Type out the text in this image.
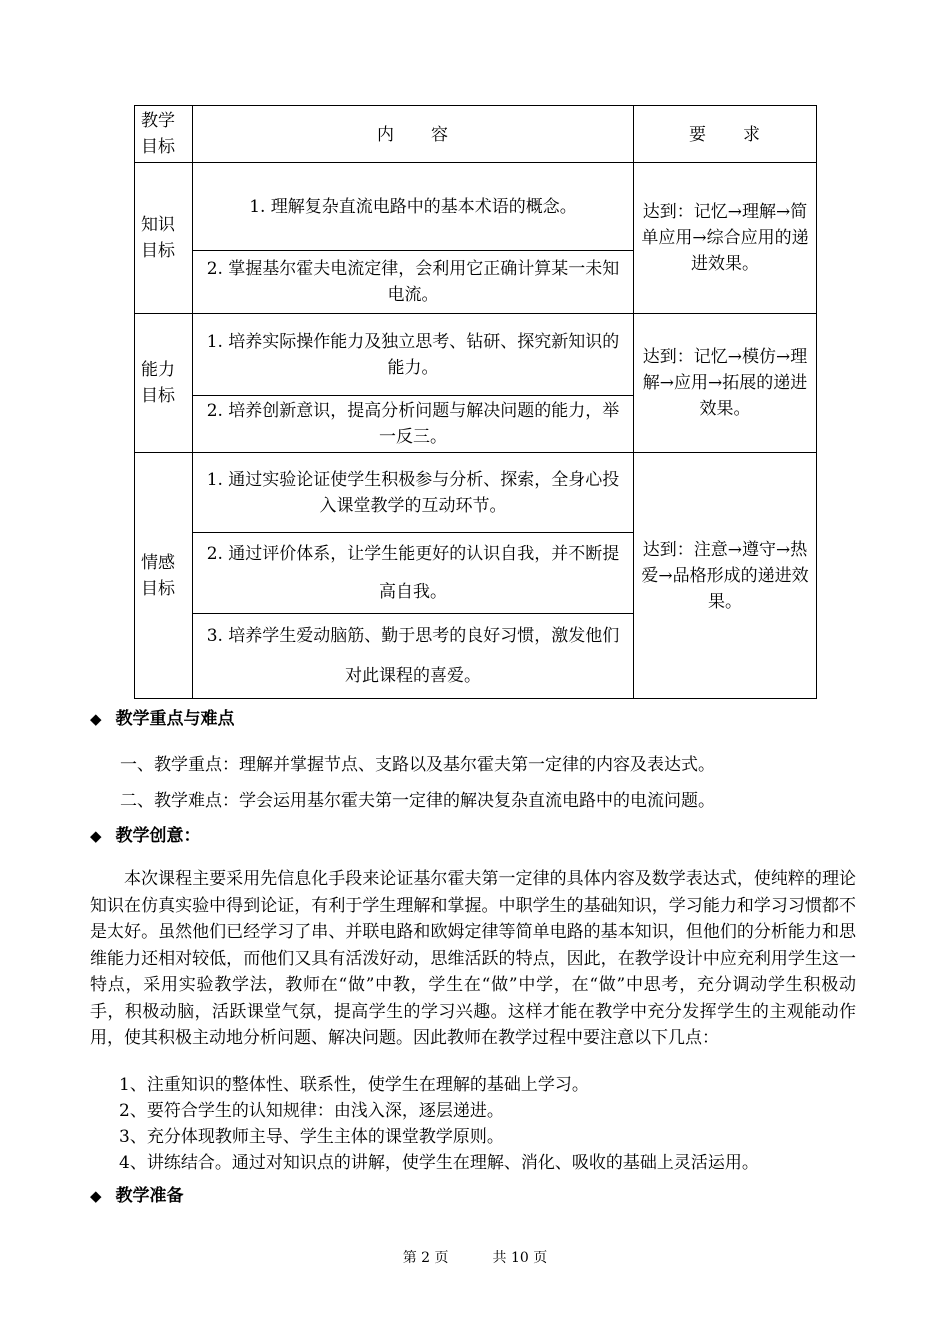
教学目标	内　　容	要　　求
知识目标	1. 理解复杂直流电路中的基本术语的概念。	达到：记忆→理解→简单应用→综合应用的递进效果。
	2. 掌握基尔霍夫电流定律，会利用它正确计算某一未知电流。	
能力目标	1. 培养实际操作能力及独立思考、钻研、探究新知识的能力。	达到：记忆→模仿→理解→应用→拓展的递进效果。
	2. 培养创新意识，提高分析问题与解决问题的能力，举一反三。	
情感目标	1. 通过实验论证使学生积极参与分析、探索，全身心投入课堂教学的互动环节。	达到：注意→遵守→热爱→品格形成的递进效果。
	2. 通过评价体系，让学生能更好的认识自我，并不断提高自我。	
	3. 培养学生爱动脑筋、勤于思考的良好习惯，激发他们对此课程的喜爱。	
◆ 教学重点与难点
一、教学重点：理解并掌握节点、支路以及基尔霍夫第一定律的内容及表达式。
二、教学难点：学会运用基尔霍夫第一定律的解决复杂直流电路中的电流问题。
◆ 教学创意：
本次课程主要采用先信息化手段来论证基尔霍夫第一定律的具体内容及数学表达式，使纯粹的理论知识在仿真实验中得到论证，有利于学生理解和掌握。中职学生的基础知识，学习能力和学习习惯都不是太好。虽然他们已经学习了串、并联电路和欧姆定律等简单电路的基本知识，但他们的分析能力和思维能力还相对较低，而他们又具有活泼好动，思维活跃的特点，因此，在教学设计中应充利用学生这一特点，采用实验教学法，教师在“做”中教，学生在“做”中学，在“做”中思考，充分调动学生积极动手，积极动脑，活跃课堂气氛，提高学生的学习兴趣。这样才能在教学中充分发挥学生的主观能动作用，使其积极主动地分析问题、解决问题。因此教师在教学过程中要注意以下几点：
1、注重知识的整体性、联系性，使学生在理解的基础上学习。
2、要符合学生的认知规律：由浅入深，逐层递进。
3、充分体现教师主导、学生主体的课堂教学原则。
4、讲练结合。通过对知识点的讲解，使学生在理解、消化、吸收的基础上灵活运用。
◆ 教学准备
第 2 页	共 10 页
